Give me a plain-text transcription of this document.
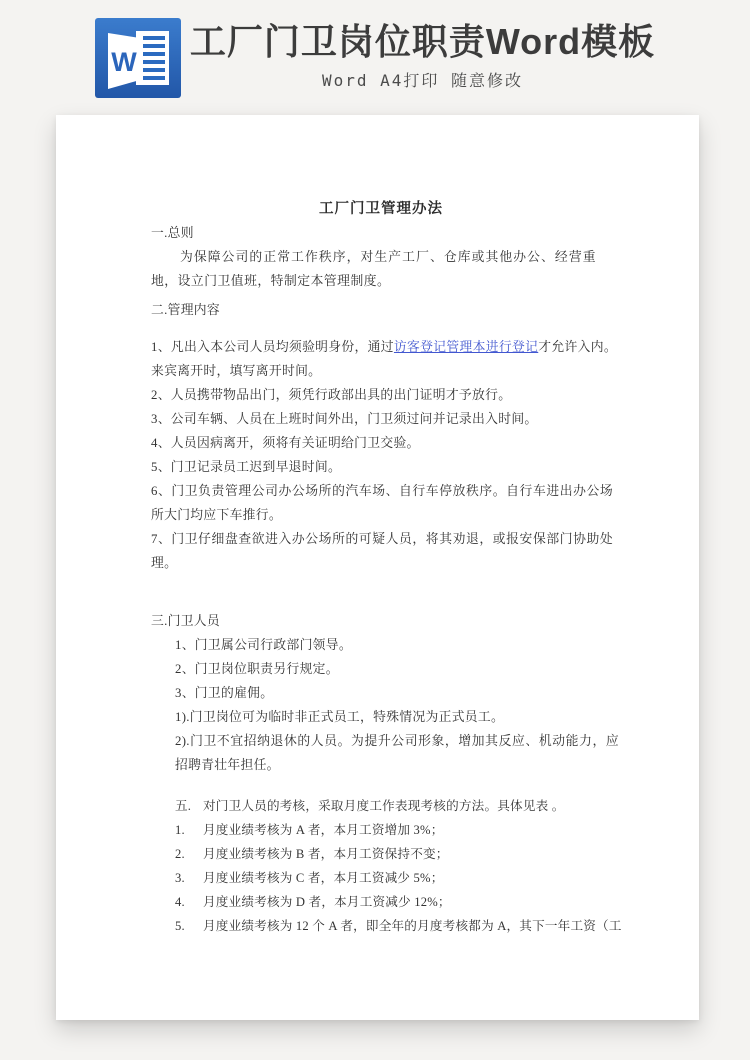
W 工厂门卫岗位职责Word模板

Word A4打印 随意修改

工厂门卫管理办法

一.总则

为保障公司的正常工作秩序，对生产工厂、仓库或其他办公、经营重地，设立门卫值班，特制定本管理制度。

二.管理内容

1、凡出入本公司人员均须验明身份，通过访客登记管理本进行登记才允许入内。来宾离开时，填写离开时间。

2、人员携带物品出门，须凭行政部出具的出门证明才予放行。

3、公司车辆、人员在上班时间外出，门卫须过问并记录出入时间。

4、人员因病离开，须将有关证明给门卫交验。

5、门卫记录员工迟到早退时间。

6、门卫负责管理公司办公场所的汽车场、自行车停放秩序。自行车进出办公场所大门均应下车推行。

7、门卫仔细盘查欲进入办公场所的可疑人员，将其劝退，或报安保部门协助处理。

三.门卫人员

1、门卫属公司行政部门领导。

2、门卫岗位职责另行规定。

3、门卫的雇佣。

1).门卫岗位可为临时非正式员工，特殊情况为正式员工。

2).门卫不宜招纳退休的人员。为提升公司形象，增加其反应、机动能力，应招聘青壮年担任。

五. 对门卫人员的考核，采取月度工作表现考核的方法。具体见表 。

1. 月度业绩考核为 A 者，本月工资增加 3%；

2. 月度业绩考核为 B 者，本月工资保持不变；

3. 月度业绩考核为 C 者，本月工资减少 5%；

4. 月度业绩考核为 D 者，本月工资减少 12%；

5. 月度业绩考核为 12 个 A 者，即全年的月度考核都为 A，其下一年工资（工
